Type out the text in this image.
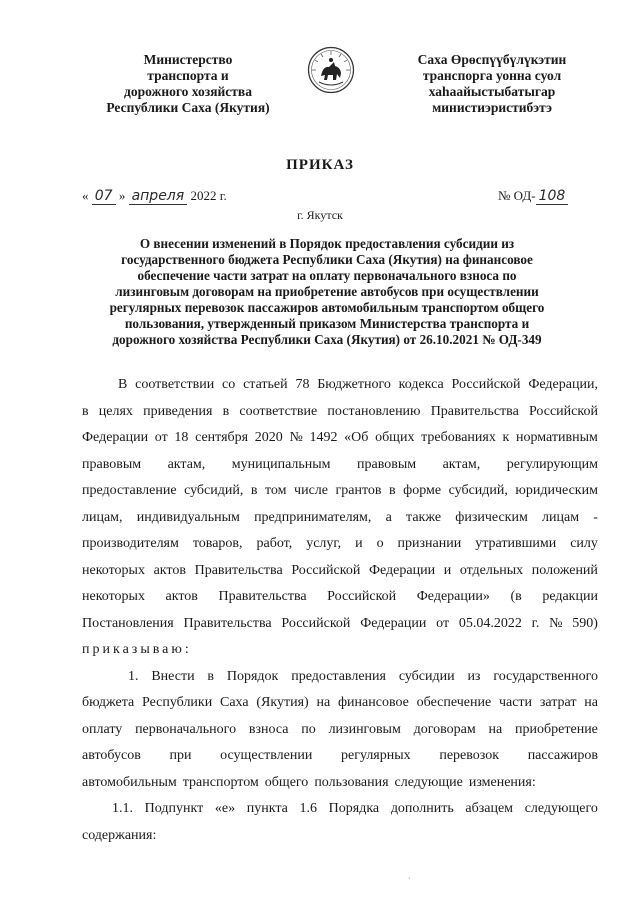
Министерство
транспорта и
дорожного хозяйства
Республики Саха (Якутия)
Саха Өрөспүүбүлүкэтин
транспорга уонна суол
хаһаайыстыбатыгар
министиэристибэтэ
ПРИКАЗ
« 07 » апреля 2022 г.	№ ОД- 108
г. Якутск
О внесении изменений в Порядок предоставления субсидии из
государственного бюджета Республики Саха (Якутия) на финансовое
обеспечение части затрат на оплату первоначального взноса по
лизинговым договорам на приобретение автобусов при осуществлении
регулярных перевозок пассажиров автомобильным транспортом общего
пользования, утвержденный приказом Министерства транспорта и
дорожного хозяйства Республики Саха (Якутия) от 26.10.2021 № ОД-349
В соответствии со статьей 78 Бюджетного кодекса Российской Федерации,
в целях приведения в соответствие постановлению Правительства Российской
Федерации от 18 сентября 2020 № 1492 «Об общих требованиях к нормативным
правовым актам, муниципальным правовым актам, регулирующим
предоставление субсидий, в том числе грантов в форме субсидий, юридическим
лицам, индивидуальным предпринимателям, а также физическим лицам -
производителям товаров, работ, услуг, и о признании утратившими силу
некоторых актов Правительства Российской Федерации и отдельных положений
некоторых актов Правительства Российской Федерации» (в редакции
Постановления Правительства Российской Федерации от 05.04.2022 г. № 590)
приказываю:
1. Внести в Порядок предоставления субсидии из государственного
бюджета Республики Саха (Якутия) на финансовое обеспечение части затрат на
оплату первоначального взноса по лизинговым договорам на приобретение
автобусов при осуществлении регулярных перевозок пассажиров
автомобильным транспортом общего пользования следующие изменения:
1.1. Подпункт «е» пункта 1.6 Порядка дополнить абзацем следующего
содержания:
·
